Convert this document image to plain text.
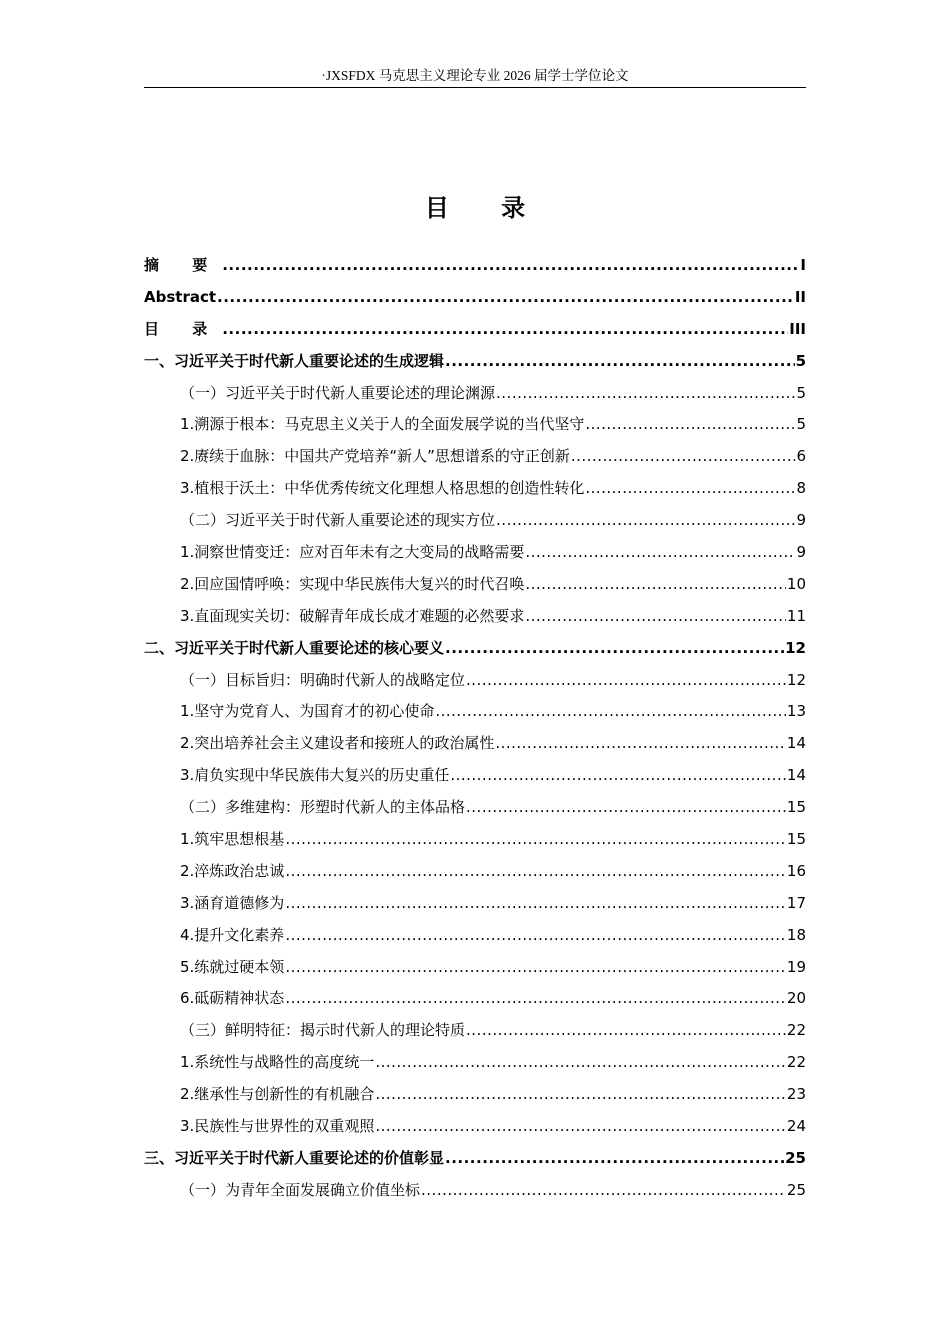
·JXSFDX 马克思主义理论专业 2026 届学士学位论文
目 录
摘 要 .....	I
Abstract .....	II
目 录 .....	III
一、习近平关于时代新人重要论述的生成逻辑 .....	5
（一）习近平关于时代新人重要论述的理论渊源 .....	5
1.溯源于根本：马克思主义关于人的全面发展学说的当代坚守 .....	5
2.赓续于血脉：中国共产党培养“新人”思想谱系的守正创新 .....	6
3.植根于沃土：中华优秀传统文化理想人格思想的创造性转化 .....	8
（二）习近平关于时代新人重要论述的现实方位 .....	9
1.洞察世情变迁：应对百年未有之大变局的战略需要 .....	9
2.回应国情呼唤：实现中华民族伟大复兴的时代召唤 .....	10
3.直面现实关切：破解青年成长成才难题的必然要求 .....	11
二、习近平关于时代新人重要论述的核心要义 .....	12
（一）目标旨归：明确时代新人的战略定位 .....	12
1.坚守为党育人、为国育才的初心使命 .....	13
2.突出培养社会主义建设者和接班人的政治属性 .....	14
3.肩负实现中华民族伟大复兴的历史重任 .....	14
（二）多维建构：形塑时代新人的主体品格 .....	15
1.筑牢思想根基 .....	15
2.淬炼政治忠诚 .....	16
3.涵育道德修为 .....	17
4.提升文化素养 .....	18
5.练就过硬本领 .....	19
6.砥砺精神状态 .....	20
（三）鲜明特征：揭示时代新人的理论特质 .....	22
1.系统性与战略性的高度统一 .....	22
2.继承性与创新性的有机融合 .....	23
3.民族性与世界性的双重观照 .....	24
三、习近平关于时代新人重要论述的价值彰显 .....	25
（一）为青年全面发展确立价值坐标 .....	25
